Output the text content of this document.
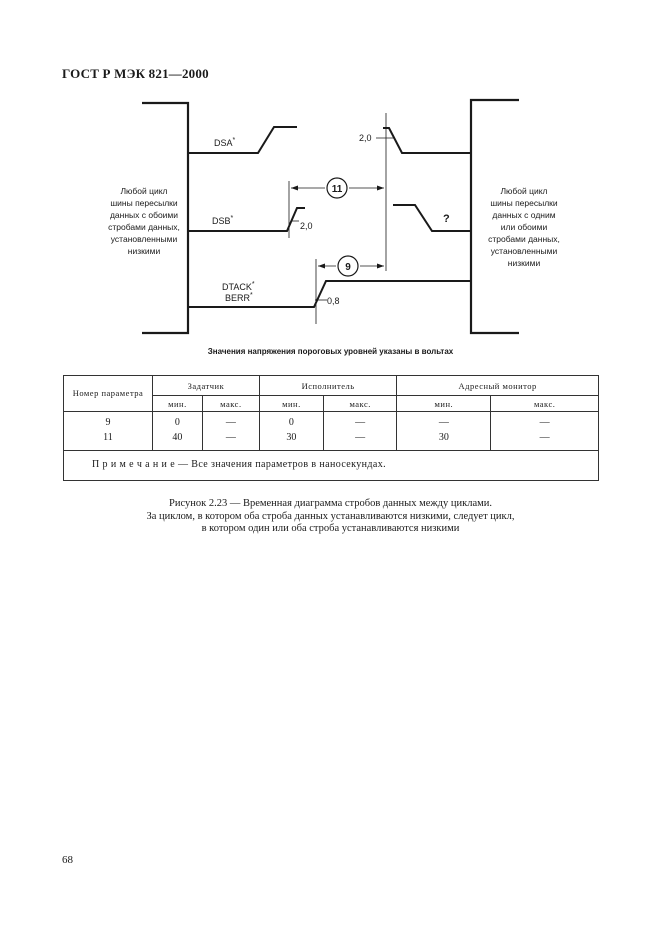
ГОСТ Р МЭК 821—2000
Любой цикл
шины пересылки
данных с обоими
стробами данных,
установленными
низкими
Любой цикл
шины пересылки
данных с одним
или обоими
стробами данных,
установленными
низкими
DSA*
DSB*
DTACK*
BERR*
2,0
2,0
0,8
11
9
?
Значения напряжения пороговых уровней указаны в вольтах
Номер параметра	Задатчик		Исполнитель		Адресный монитор	
	мин.	макс.	мин.	макс.	мин.	макс.
9	0	—	0	—	—	—
11	40	—	30	—	30	—
П р и м е ч а н и е — Все значения параметров в наносекундах.						
Рисунок 2.23 — Временная диаграмма стробов данных между циклами.
За циклом, в котором оба строба данных устанавливаются низкими, следует цикл,
в котором один или оба строба устанавливаются низкими
68
